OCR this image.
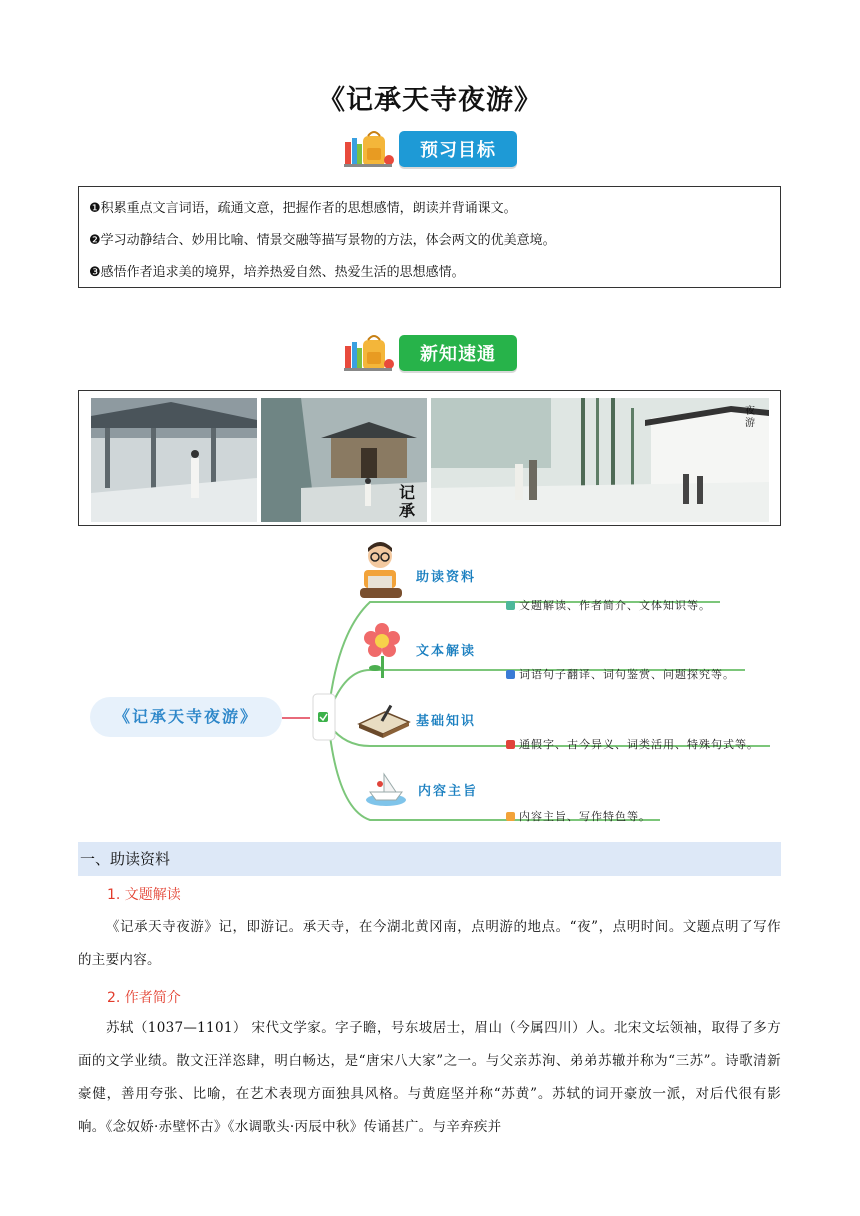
《记承天寺夜游》
预习目标
❶积累重点文言词语，疏通文意，把握作者的思想感情，朗读并背诵课文。
❷学习动静结合、妙用比喻、情景交融等描写景物的方法，体会两文的优美意境。
❸感悟作者追求美的境界，培养热爱自然、热爱生活的思想感情。
新知速通
记承
夜游
《记承天寺夜游》
助读资料
文题解读、作者简介、文体知识等。
文本解读
词语句子翻译、词句鉴赏、问题探究等。
基础知识
通假字、古今异义、词类活用、特殊句式等。
内容主旨
内容主旨、写作特色等。
一、助读资料
1. 文题解读
《记承天寺夜游》记，即游记。承天寺，在今湖北黄冈南，点明游的地点。“夜”，点明时间。文题点明了写作的主要内容。
2. 作者简介
苏轼（1037—1101） 宋代文学家。字子瞻，号东坡居士，眉山（今属四川）人。北宋文坛领袖，取得了多方面的文学业绩。散文汪洋恣肆，明白畅达，是“唐宋八大家”之一。与父亲苏洵、弟弟苏辙并称为“三苏”。诗歌清新豪健，善用夸张、比喻，在艺术表现方面独具风格。与黄庭坚并称“苏黄”。苏轼的词开豪放一派，对后代很有影响。《念奴娇·赤壁怀古》《水调歌头·丙辰中秋》传诵甚广。与辛弃疾并
